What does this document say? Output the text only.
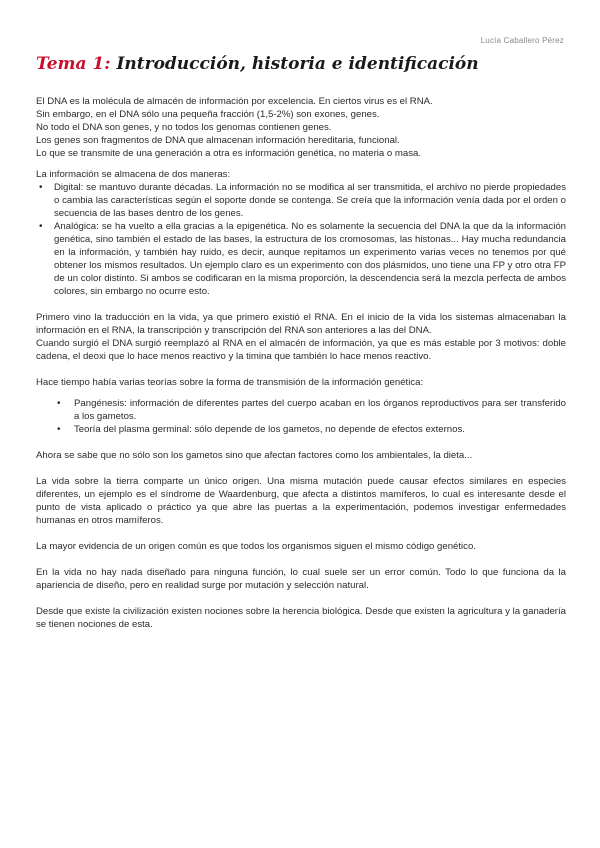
Lucía Caballero Pérez
Tema 1: Introducción, historia e identificación

El DNA es la molécula de almacén de información por excelencia. En ciertos virus es el RNA.

Sin embargo, en el DNA sólo una pequeña fracción (1,5-2%) son exones, genes.

No todo el DNA son genes, y no todos los genomas contienen genes.

Los genes son fragmentos de DNA que almacenan información hereditaria, funcional.

Lo que se transmite de una generación a otra es información genética, no materia o masa.

La información se almacena de dos maneras:

• Digital: se mantuvo durante décadas. La información no se modifica al ser transmitida, el archivo no pierde propiedades o cambia las características según el soporte donde se contenga. Se creía que la información venía dada por el orden o secuencia de las bases dentro de los genes.
• Analógica: se ha vuelto a ella gracias a la epigenética. No es solamente la secuencia del DNA la que da la información genética, sino también el estado de las bases, la estructura de los cromosomas, las histonas... Hay mucha redundancia en la información, y también hay ruido, es decir, aunque repitamos un experimento varias veces no tenemos por qué obtener los mismos resultados. Un ejemplo claro es un experimento con dos plásmidos, uno tiene una FP y otro otra FP de un color distinto. Si ambos se codificaran en la misma proporción, la descendencia será la mezcla perfecta de ambos colores, sin embargo no ocurre esto.

Primero vino la traducción en la vida, ya que primero existió el RNA. En el inicio de la vida los sistemas almacenaban la información en el RNA, la transcripción y transcripción del RNA son anteriores a las del DNA.

Cuando surgió el DNA surgió reemplazó al RNA en el almacén de información, ya que es más estable por 3 motivos: doble cadena, el deoxi que lo hace menos reactivo y la timina que también lo hace menos reactivo.

Hace tiempo había varias teorías sobre la forma de transmisión de la información genética:

• Pangénesis: información de diferentes partes del cuerpo acaban en los órganos reproductivos para ser transferido a los gametos.
• Teoría del plasma germinal: sólo depende de los gametos, no depende de efectos externos.

Ahora se sabe que no sólo son los gametos sino que afectan factores como los ambientales, la dieta...

La vida sobre la tierra comparte un único origen. Una misma mutación puede causar efectos similares en especies diferentes, un ejemplo es el síndrome de Waardenburg, que afecta a distintos mamíferos, lo cual es interesante desde el punto de vista aplicado o práctico ya que abre las puertas a la experimentación, podemos investigar enfermedades humanas en otros mamíferos.

La mayor evidencia de un origen común es que todos los organismos siguen el mismo código genético.

En la vida no hay nada diseñado para ninguna función, lo cual suele ser un error común. Todo lo que funciona da la apariencia de diseño, pero en realidad surge por mutación y selección natural.

Desde que existe la civilización existen nociones sobre la herencia biológica. Desde que existen la agricultura y la ganadería se tienen nociones de esta.
